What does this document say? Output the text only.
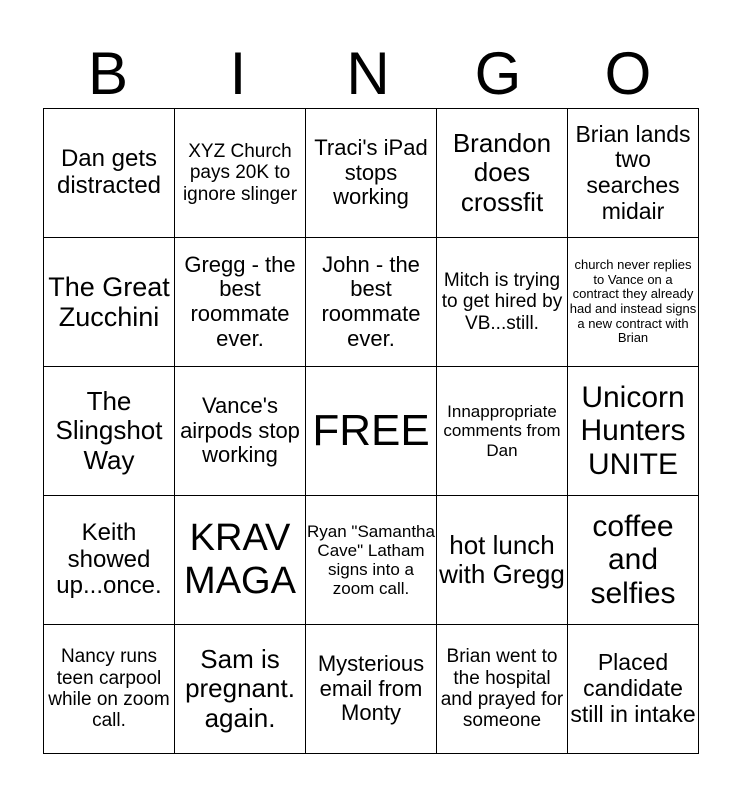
B	I	N	G	O
Dan gets distracted	XYZ Church pays 20K to ignore slinger	Traci's iPad stops working	Brandon does crossfit	Brian lands two searches midair
The Great Zucchini	Gregg - the best roommate ever.	John - the best roommate ever.	Mitch is trying to get hired by VB...still.	church never replies to Vance on a contract they already had and instead signs a new contract with Brian
The Slingshot Way	Vance's airpods stop working	FREE	Innappropriate comments from Dan	Unicorn Hunters UNITE
Keith showed up...once.	KRAV MAGA	Ryan "Samantha Cave" Latham signs into a zoom call.	hot lunch with Gregg	coffee and selfies
Nancy runs teen carpool while on zoom call.	Sam is pregnant. again.	Mysterious email from Monty	Brian went to the hospital and prayed for someone	Placed candidate still in intake
